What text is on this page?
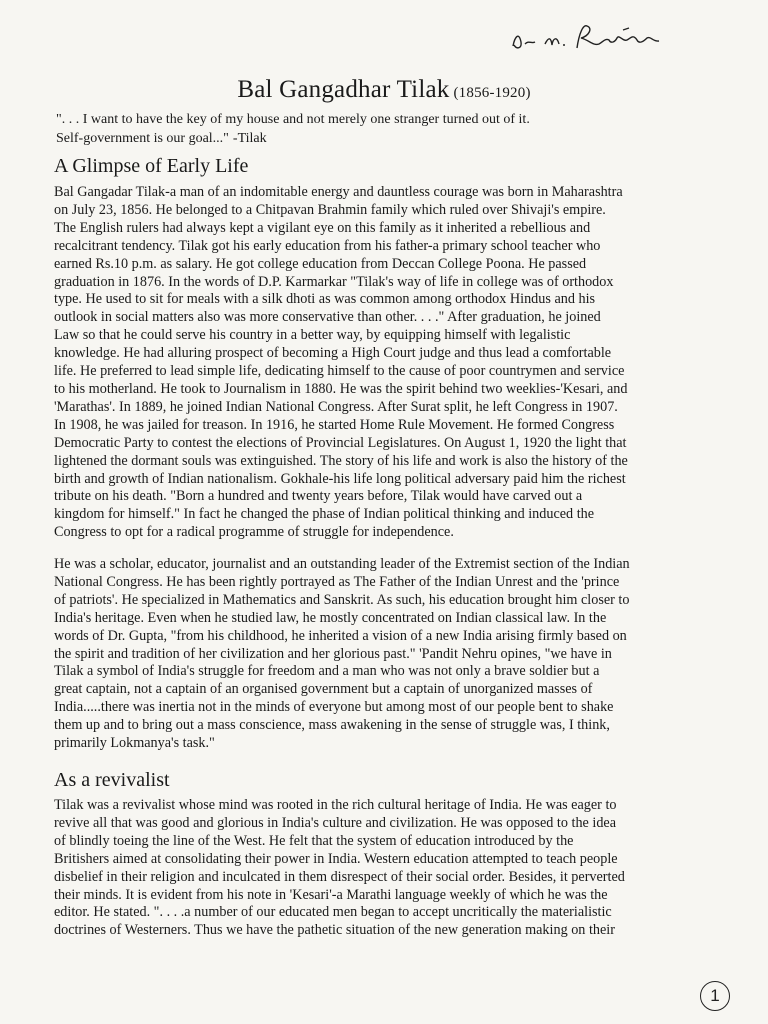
Bal Gangadhar Tilak (1856-1920)

". . . I want to have the key of my house and not merely one stranger turned out of it.
Self-government is our goal..." -Tilak

A Glimpse of Early Life

Bal Gangadar Tilak-a man of an indomitable energy and dauntless courage was born in Maharashtra
on July 23, 1856. He belonged to a Chitpavan Brahmin family which ruled over Shivaji's empire.
The English rulers had always kept a vigilant eye on this family as it inherited a rebellious and
recalcitrant tendency. Tilak got his early education from his father-a primary school teacher who
earned Rs.10 p.m. as salary. He got college education from Deccan College Poona. He passed
graduation in 1876. In the words of D.P. Karmarkar "Tilak's way of life in college was of orthodox
type. He used to sit for meals with a silk dhoti as was common among orthodox Hindus and his
outlook in social matters also was more conservative than other. . . ." After graduation, he joined
Law so that he could serve his country in a better way, by equipping himself with legalistic
knowledge. He had alluring prospect of becoming a High Court judge and thus lead a comfortable
life. He preferred to lead simple life, dedicating himself to the cause of poor countrymen and service
to his motherland. He took to Journalism in 1880. He was the spirit behind two weeklies-'Kesari, and
'Marathas'. In 1889, he joined Indian National Congress. After Surat split, he left Congress in 1907.
In 1908, he was jailed for treason. In 1916, he started Home Rule Movement. He formed Congress
Democratic Party to contest the elections of Provincial Legislatures. On August 1, 1920 the light that
lightened the dormant souls was extinguished. The story of his life and work is also the history of the
birth and growth of Indian nationalism. Gokhale-his life long political adversary paid him the richest
tribute on his death. "Born a hundred and twenty years before, Tilak would have carved out a
kingdom for himself." In fact he changed the phase of Indian political thinking and induced the
Congress to opt for a radical programme of struggle for independence.

He was a scholar, educator, journalist and an outstanding leader of the Extremist section of the Indian
National Congress. He has been rightly portrayed as The Father of the Indian Unrest and the 'prince
of patriots'. He specialized in Mathematics and Sanskrit. As such, his education brought him closer to
India's heritage. Even when he studied law, he mostly concentrated on Indian classical law. In the
words of Dr. Gupta, "from his childhood, he inherited a vision of a new India arising firmly based on
the spirit and tradition of her civilization and her glorious past." 'Pandit Nehru opines, "we have in
Tilak a symbol of India's struggle for freedom and a man who was not only a brave soldier but a
great captain, not a captain of an organised government but a captain of unorganized masses of
India.....there was inertia not in the minds of everyone but among most of our people bent to shake
them up and to bring out a mass conscience, mass awakening in the sense of struggle was, I think,
primarily Lokmanya's task."

As a revivalist

Tilak was a revivalist whose mind was rooted in the rich cultural heritage of India. He was eager to
revive all that was good and glorious in India's culture and civilization. He was opposed to the idea
of blindly toeing the line of the West. He felt that the system of education introduced by the
Britishers aimed at consolidating their power in India. Western education attempted to teach people
disbelief in their religion and inculcated in them disrespect of their social order. Besides, it perverted
their minds. It is evident from his note in 'Kesari'-a Marathi language weekly of which he was the
editor. He stated. ". . . .a number of our educated men began to accept uncritically the materialistic
doctrines of Westerners. Thus we have the pathetic situation of the new generation making on their

1
